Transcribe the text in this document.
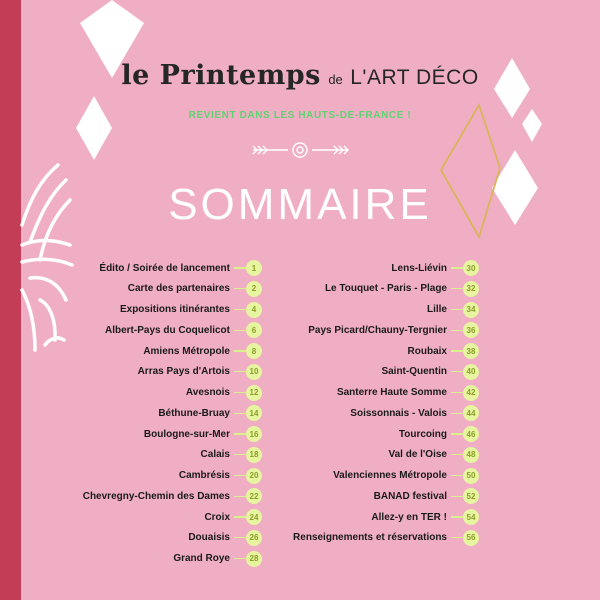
le Printemps de L'ART DÉCO
REVIENT DANS LES HAUTS-DE-FRANCE !
SOMMAIRE
Édito / Soirée de lancement	1
Carte des partenaires	2
Expositions itinérantes	4
Albert-Pays du Coquelicot	6
Amiens Métropole	8
Arras Pays d'Artois	10
Avesnois	12
Béthune-Bruay	14
Boulogne-sur-Mer	16
Calais	18
Cambrésis	20
Chevregny-Chemin des Dames	22
Croix	24
Douaisis	26
Grand Roye	28
Lens-Liévin	30
Le Touquet - Paris - Plage	32
Lille	34
Pays Picard/Chauny-Tergnier	36
Roubaix	38
Saint-Quentin	40
Santerre Haute Somme	42
Soissonnais - Valois	44
Tourcoing	46
Val de l'Oise	48
Valenciennes Métropole	50
BANAD festival	52
Allez-y en TER !	54
Renseignements et réservations	56
